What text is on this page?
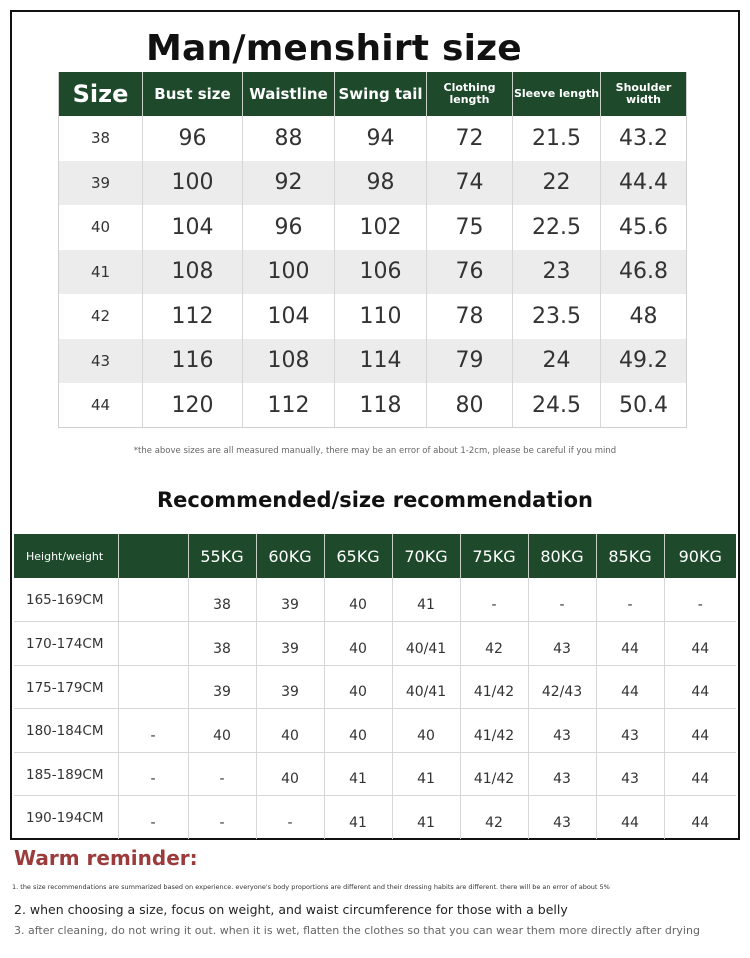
Man/menshirt size
Size	Bust size	Waistline	Swing tail	Clothing length	Sleeve length	Shoulder width
38	96	88	94	72	21.5	43.2
39	100	92	98	74	22	44.4
40	104	96	102	75	22.5	45.6
41	108	100	106	76	23	46.8
42	112	104	110	78	23.5	48
43	116	108	114	79	24	49.2
44	120	112	118	80	24.5	50.4
*the above sizes are all measured manually, there may be an error of about 1-2cm, please be careful if you mind
Recommended/size recommendation
Height/weight		55KG	60KG	65KG	70KG	75KG	80KG	85KG	90KG
165-169CM		38	39	40	41	-	-	-	-
170-174CM		38	39	40	40/41	42	43	44	44
175-179CM		39	39	40	40/41	41/42	42/43	44	44
180-184CM	-	40	40	40	40	41/42	43	43	44
185-189CM	-	-	40	41	41	41/42	43	43	44
190-194CM	-	-	-	41	41	42	43	44	44
Warm reminder:
1. the size recommendations are summarized based on experience. everyone's body proportions are different and their dressing habits are different. there will be an error of about 5%
2. when choosing a size, focus on weight, and waist circumference for those with a belly
3. after cleaning, do not wring it out. when it is wet, flatten the clothes so that you can wear them more directly after drying
